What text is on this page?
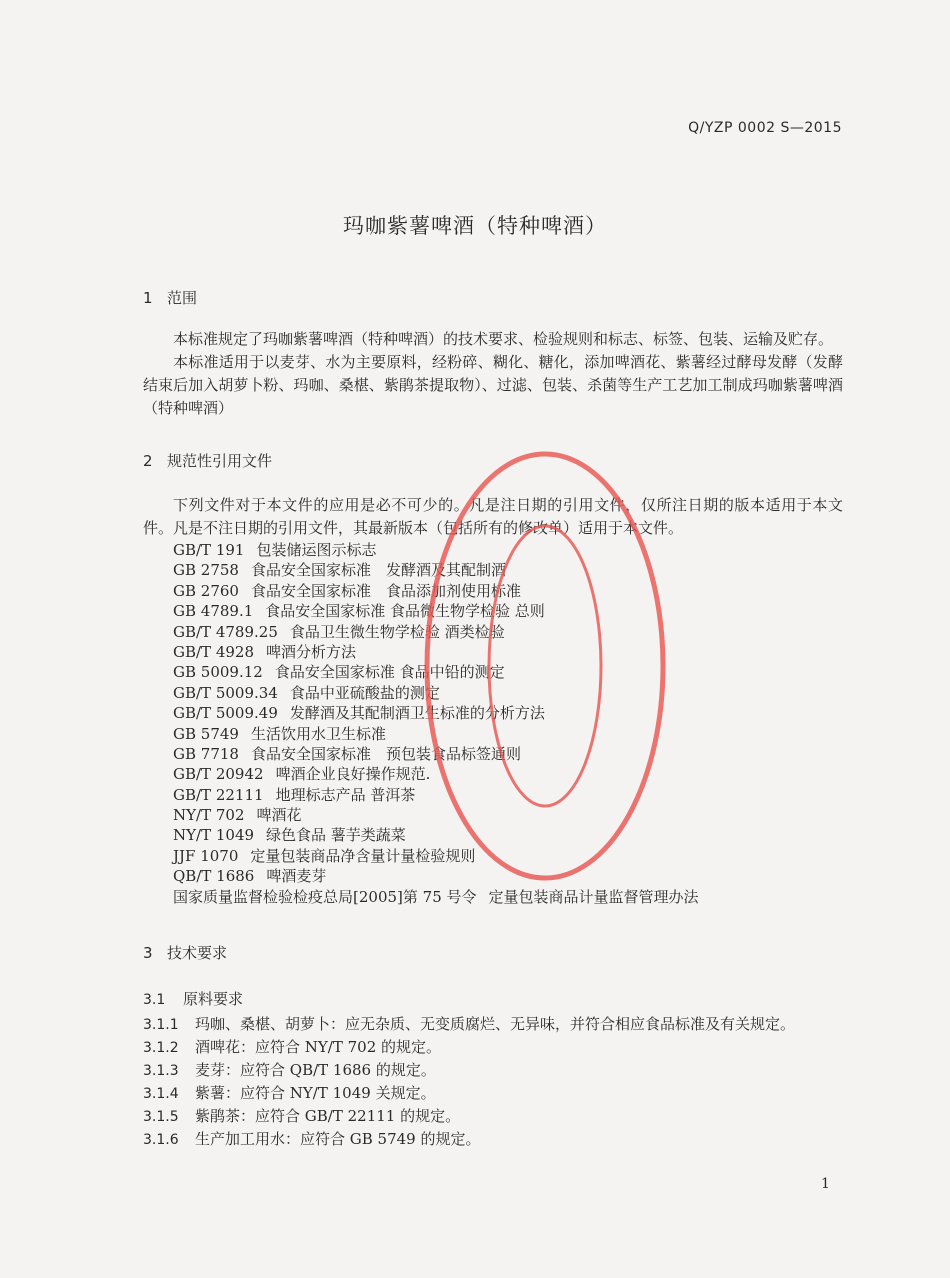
Q/YZP 0002 S—2015
玛咖紫薯啤酒（特种啤酒）
1 范围
本标准规定了玛咖紫薯啤酒（特种啤酒）的技术要求、检验规则和标志、标签、包装、运输及贮存。
本标准适用于以麦芽、水为主要原料，经粉碎、糊化、糖化，添加啤酒花、紫薯经过酵母发酵（发酵结束后加入胡萝卜粉、玛咖、桑椹、紫鹃茶提取物）、过滤、包装、杀菌等生产工艺加工制成玛咖紫薯啤酒（特种啤酒）
2 规范性引用文件
下列文件对于本文件的应用是必不可少的。凡是注日期的引用文件，仅所注日期的版本适用于本文件。凡是不注日期的引用文件，其最新版本（包括所有的修改单）适用于本文件。
GB/T 191 包装储运图示标志
GB 2758 食品安全国家标准　发酵酒及其配制酒
GB 2760 食品安全国家标准　食品添加剂使用标准
GB 4789.1 食品安全国家标准 食品微生物学检验 总则
GB/T 4789.25 食品卫生微生物学检验 酒类检验
GB/T 4928 啤酒分析方法
GB 5009.12 食品安全国家标准 食品中铅的测定
GB/T 5009.34 食品中亚硫酸盐的测定
GB/T 5009.49 发酵酒及其配制酒卫生标准的分析方法
GB 5749 生活饮用水卫生标准
GB 7718 食品安全国家标准　预包装食品标签通则
GB/T 20942 啤酒企业良好操作规范.
GB/T 22111 地理标志产品 普洱茶
NY/T 702 啤酒花
NY/T 1049 绿色食品 薯芋类蔬菜
JJF 1070 定量包装商品净含量计量检验规则
QB/T 1686 啤酒麦芽
国家质量监督检验检疫总局[2005]第 75 号令 定量包装商品计量监督管理办法
3 技术要求
3.1 原料要求
3.1.1 玛咖、桑椹、胡萝卜：应无杂质、无变质腐烂、无异味，并符合相应食品标准及有关规定。
3.1.2 酒啤花：应符合 NY/T 702 的规定。
3.1.3 麦芽：应符合 QB/T 1686 的规定。
3.1.4 紫薯：应符合 NY/T 1049 关规定。
3.1.5 紫鹃茶：应符合 GB/T 22111 的规定。
3.1.6 生产加工用水：应符合 GB 5749 的规定。
1
